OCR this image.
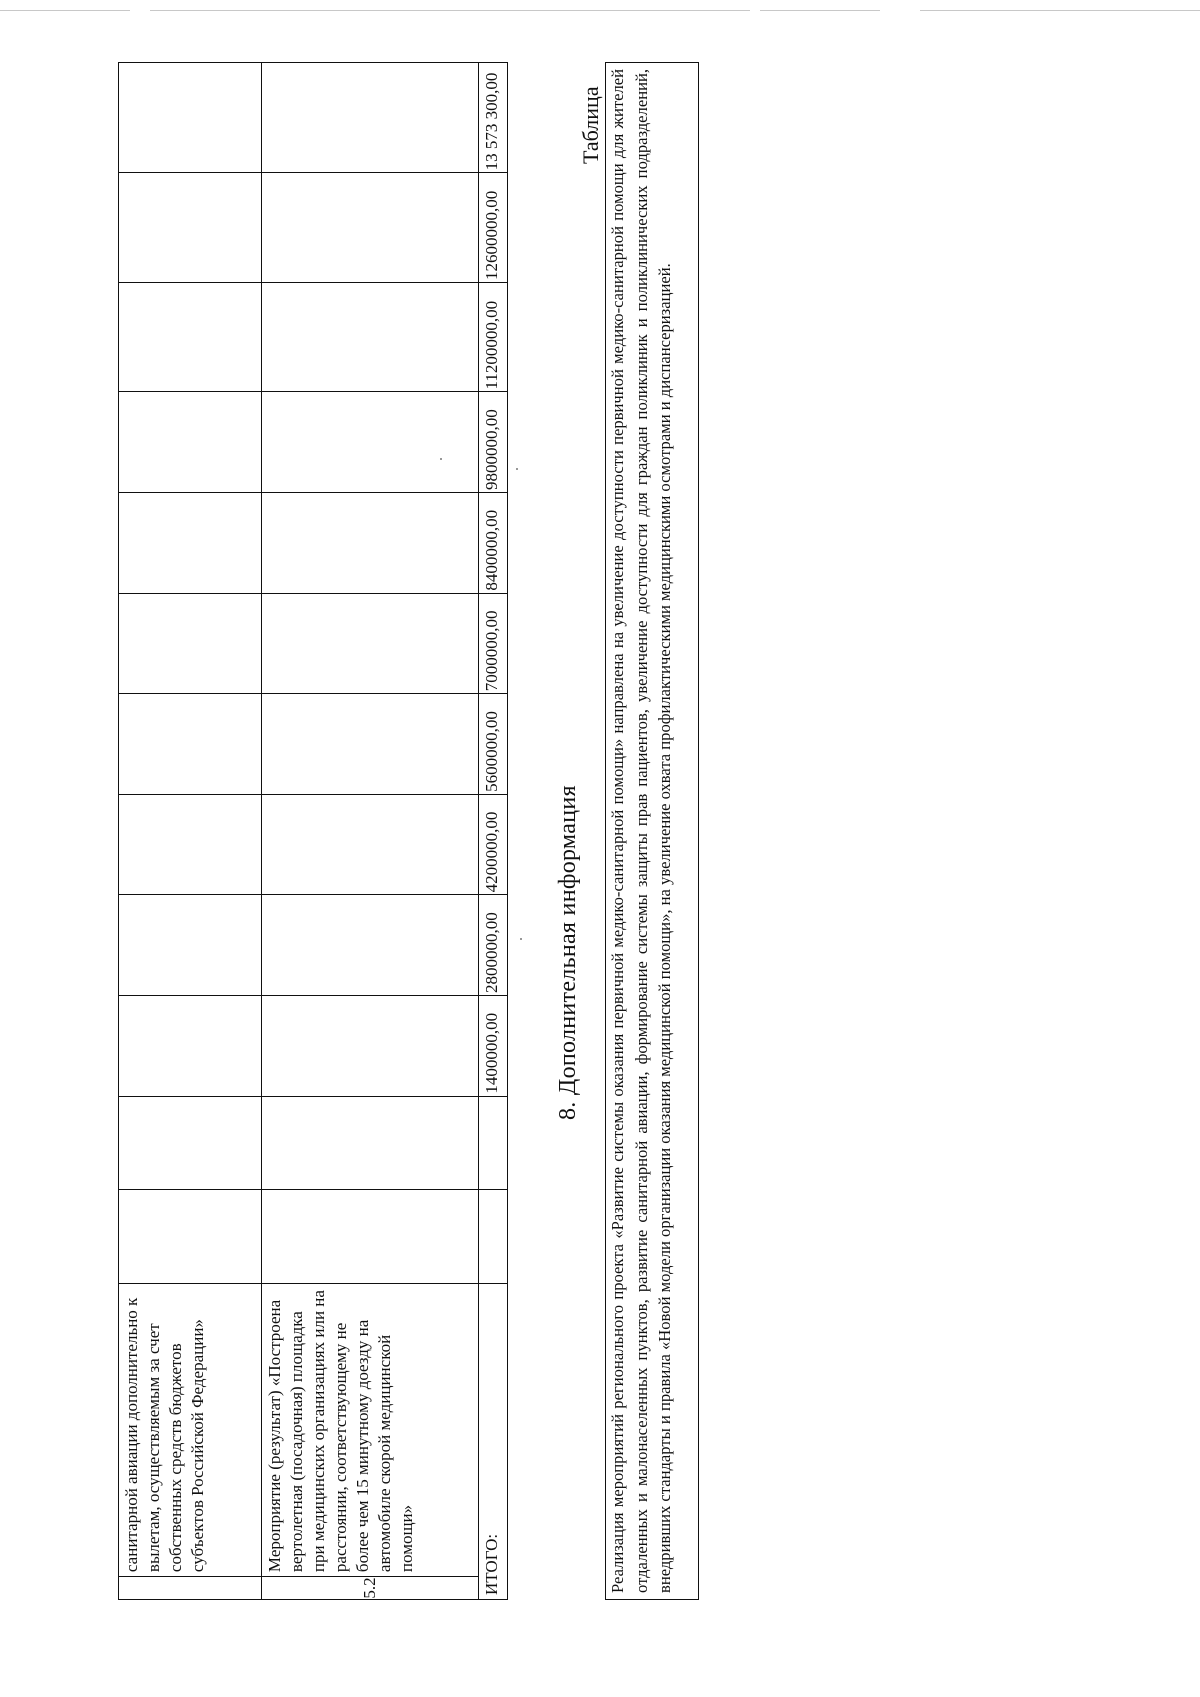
	санитарной авиации дополнительно к вылетам, осуществляемым за счет собственных средств бюджетов субъектов Российской Федерации»												
5.2	Мероприятие (результат) «Построена вертолетная (посадочная) площадка при медицинских организациях или на расстоянии, соответствующему не более чем 15 минутному доезду на автомобиле скорой медицинской помощи»												
ИТОГО:				1400000,00	2800000,00	4200000,00	5600000,00	7000000,00	8400000,00	9800000,00	11200000,00	12600000,00	13 573 300,00
8. Дополнительная информация
Таблица Реализация мероприятий регионального проекта «Развитие системы оказания первичной медико-санитарной помощи» направлена на увеличение доступности первичной медико-санитарной помощи для жителей отдаленных и малонаселенных пунктов, развитие санитарной авиации, формирование системы защиты прав пациентов, увеличение доступности для граждан поликлиник и поликлинических подразделений, внедривших стандарты и правила «Новой модели организации оказания медицинской помощи», на увеличение охвата профилактическими медицинскими осмотрами и диспансеризацией.
